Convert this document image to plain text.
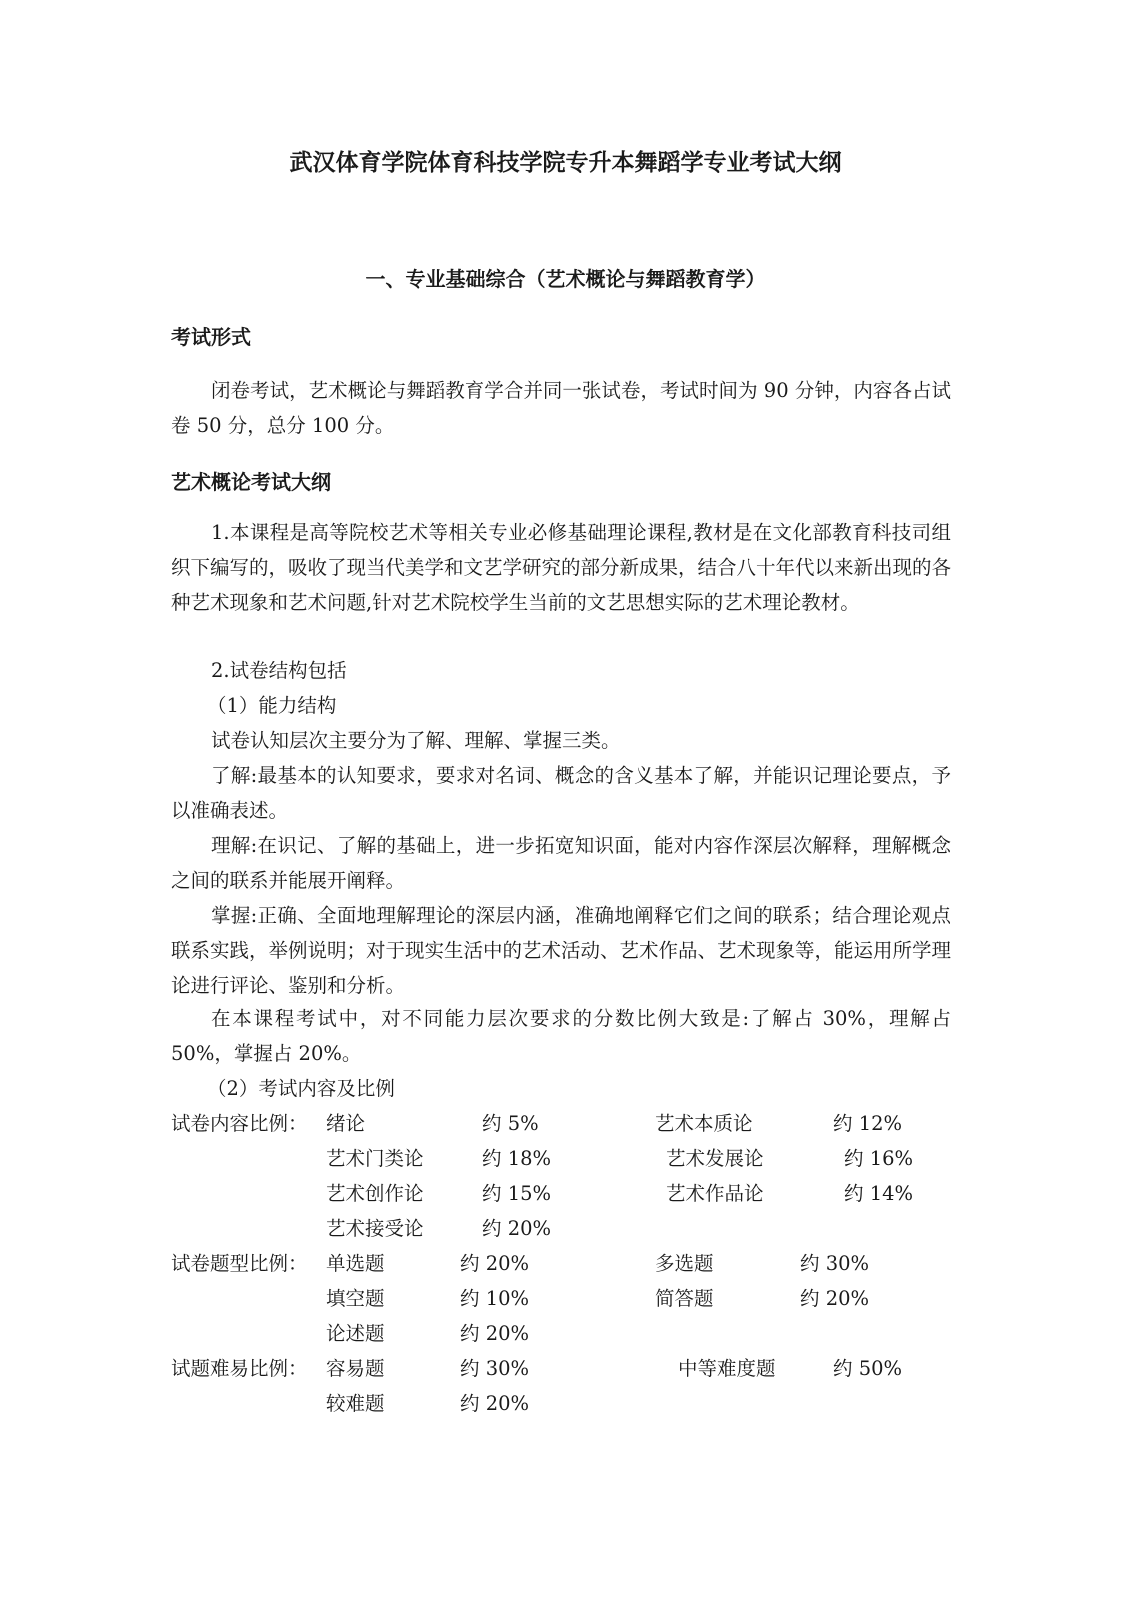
武汉体育学院体育科技学院专升本舞蹈学专业考试大纲
一、专业基础综合（艺术概论与舞蹈教育学）
考试形式

闭卷考试，艺术概论与舞蹈教育学合并同一张试卷，考试时间为 90 分钟，内容各占试卷 50 分，总分 100 分。

艺术概论考试大纲

1.本课程是高等院校艺术等相关专业必修基础理论课程,教材是在文化部教育科技司组织下编写的，吸收了现当代美学和文艺学研究的部分新成果，结合八十年代以来新出现的各种艺术现象和艺术问题,针对艺术院校学生当前的文艺思想实际的艺术理论教材。

2.试卷结构包括
（1）能力结构
试卷认知层次主要分为了解、理解、掌握三类。

了解:最基本的认知要求，要求对名词、概念的含义基本了解，并能识记理论要点，予以准确表述。

理解:在识记、了解的基础上，进一步拓宽知识面，能对内容作深层次解释，理解概念之间的联系并能展开阐释。

掌握:正确、全面地理解理论的深层内涵，准确地阐释它们之间的联系；结合理论观点联系实践，举例说明；对于现实生活中的艺术活动、艺术作品、艺术现象等，能运用所学理论进行评论、鉴别和分析。

在本课程考试中，对不同能力层次要求的分数比例大致是:了解占 30%，理解占 50%，掌握占 20%。

（2）考试内容及比例
试卷内容比例： 绪论	约 5%	艺术本质论	约 12%
艺术门类论	约 18%	艺术发展论	约 16%
艺术创作论	约 15%	艺术作品论	约 14%
艺术接受论	约 20%
试卷题型比例： 单选题	约 20%	多选题	约 30%
填空题	约 10%	简答题	约 20%
论述题	约 20%
试题难易比例： 容易题	约 30%	中等难度题	约 50%
较难题	约 20%
